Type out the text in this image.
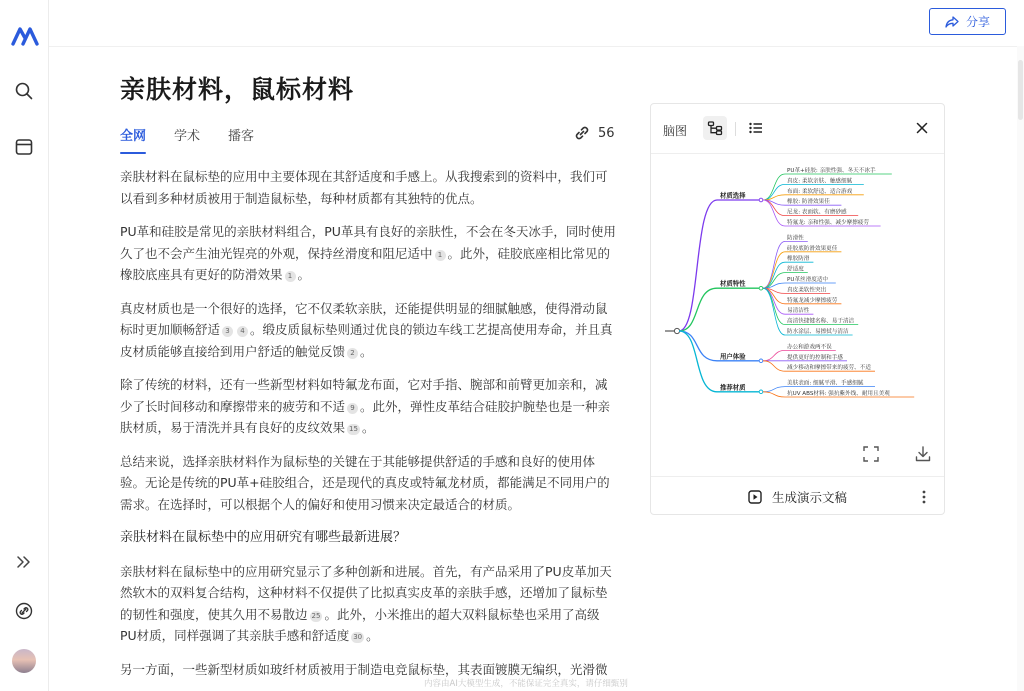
分享
亲肤材料，鼠标材料
全网 学术 播客	56

亲肤材料在鼠标垫的应用中主要体现在其舒适度和手感上。从我搜索到的资料中，我们可以看到多种材质被用于制造鼠标垫，每种材质都有其独特的优点。

PU革和硅胶是常见的亲肤材料组合，PU革具有良好的亲肤性，不会在冬天冰手，同时使用久了也不会产生油光锃亮的外观，保持丝滑度和阻尼适中 1 。此外，硅胶底座相比常见的橡胶底座具有更好的防滑效果 1 。

真皮材质也是一个很好的选择，它不仅柔软亲肤，还能提供明显的细腻触感，使得滑动鼠标时更加顺畅舒适 3 4 。缎皮质鼠标垫则通过优良的锁边车线工艺提高使用寿命，并且真皮材质能够直接给到用户舒适的触觉反馈 2 。

除了传统的材料，还有一些新型材料如特氟龙布面，它对手指、腕部和前臂更加亲和，减少了长时间移动和摩擦带来的疲劳和不适 9 。此外，弹性皮革结合硅胶护腕垫也是一种亲肤材质，易于清洗并具有良好的皮纹效果 15 。

总结来说，选择亲肤材料作为鼠标垫的关键在于其能够提供舒适的手感和良好的使用体验。无论是传统的PU革+硅胶组合，还是现代的真皮或特氟龙材质，都能满足不同用户的需求。在选择时，可以根据个人的偏好和使用习惯来决定最适合的材质。

亲肤材料在鼠标垫中的应用研究有哪些最新进展？

亲肤材料在鼠标垫中的应用研究显示了多种创新和进展。首先，有产品采用了PU皮革加天然软木的双料复合结构，这种材料不仅提供了比拟真实皮革的亲肤手感，还增加了鼠标垫的韧性和强度，使其久用不易散边 25 。此外，小米推出的超大双料鼠标垫也采用了高级PU材质，同样强调了其亲肤手感和舒适度 30 。

另一方面，一些新型材质如玻纤材质被用于制造电竞鼠标垫，其表面镀膜无编织，光滑微

内容由AI大模型生成，不能保证完全真实，请仔细甄别
脑图
材质选择
PU革+硅胶: 亲肤性强、冬天不冰手
真皮: 柔软亲肤、触感细腻
布面: 柔软舒适、适合游戏
橡胶: 防滑效果佳
尼龙: 表面软、有磨砂感
特氟龙: 亲和性强、减少摩擦疲劳
材质特性
防滑性
硅胶底防滑效果更佳
橡胶防滑
舒适度
PU革丝滑度适中
真皮柔软性突出
特氟龙减少摩擦疲劳
易清洁性
高清快捷键名称、易于清洁
防水涂层、易擦拭与清洁
用户体验
办公和游戏两不误
提供更好的控制和手感
减少移动和摩擦带来的疲劳、不适
推荐材质	美肤表面: 细腻平滑、手感细腻
抗UV ABS材料: 强抗紫外线、耐用且美观
生成演示文稿
